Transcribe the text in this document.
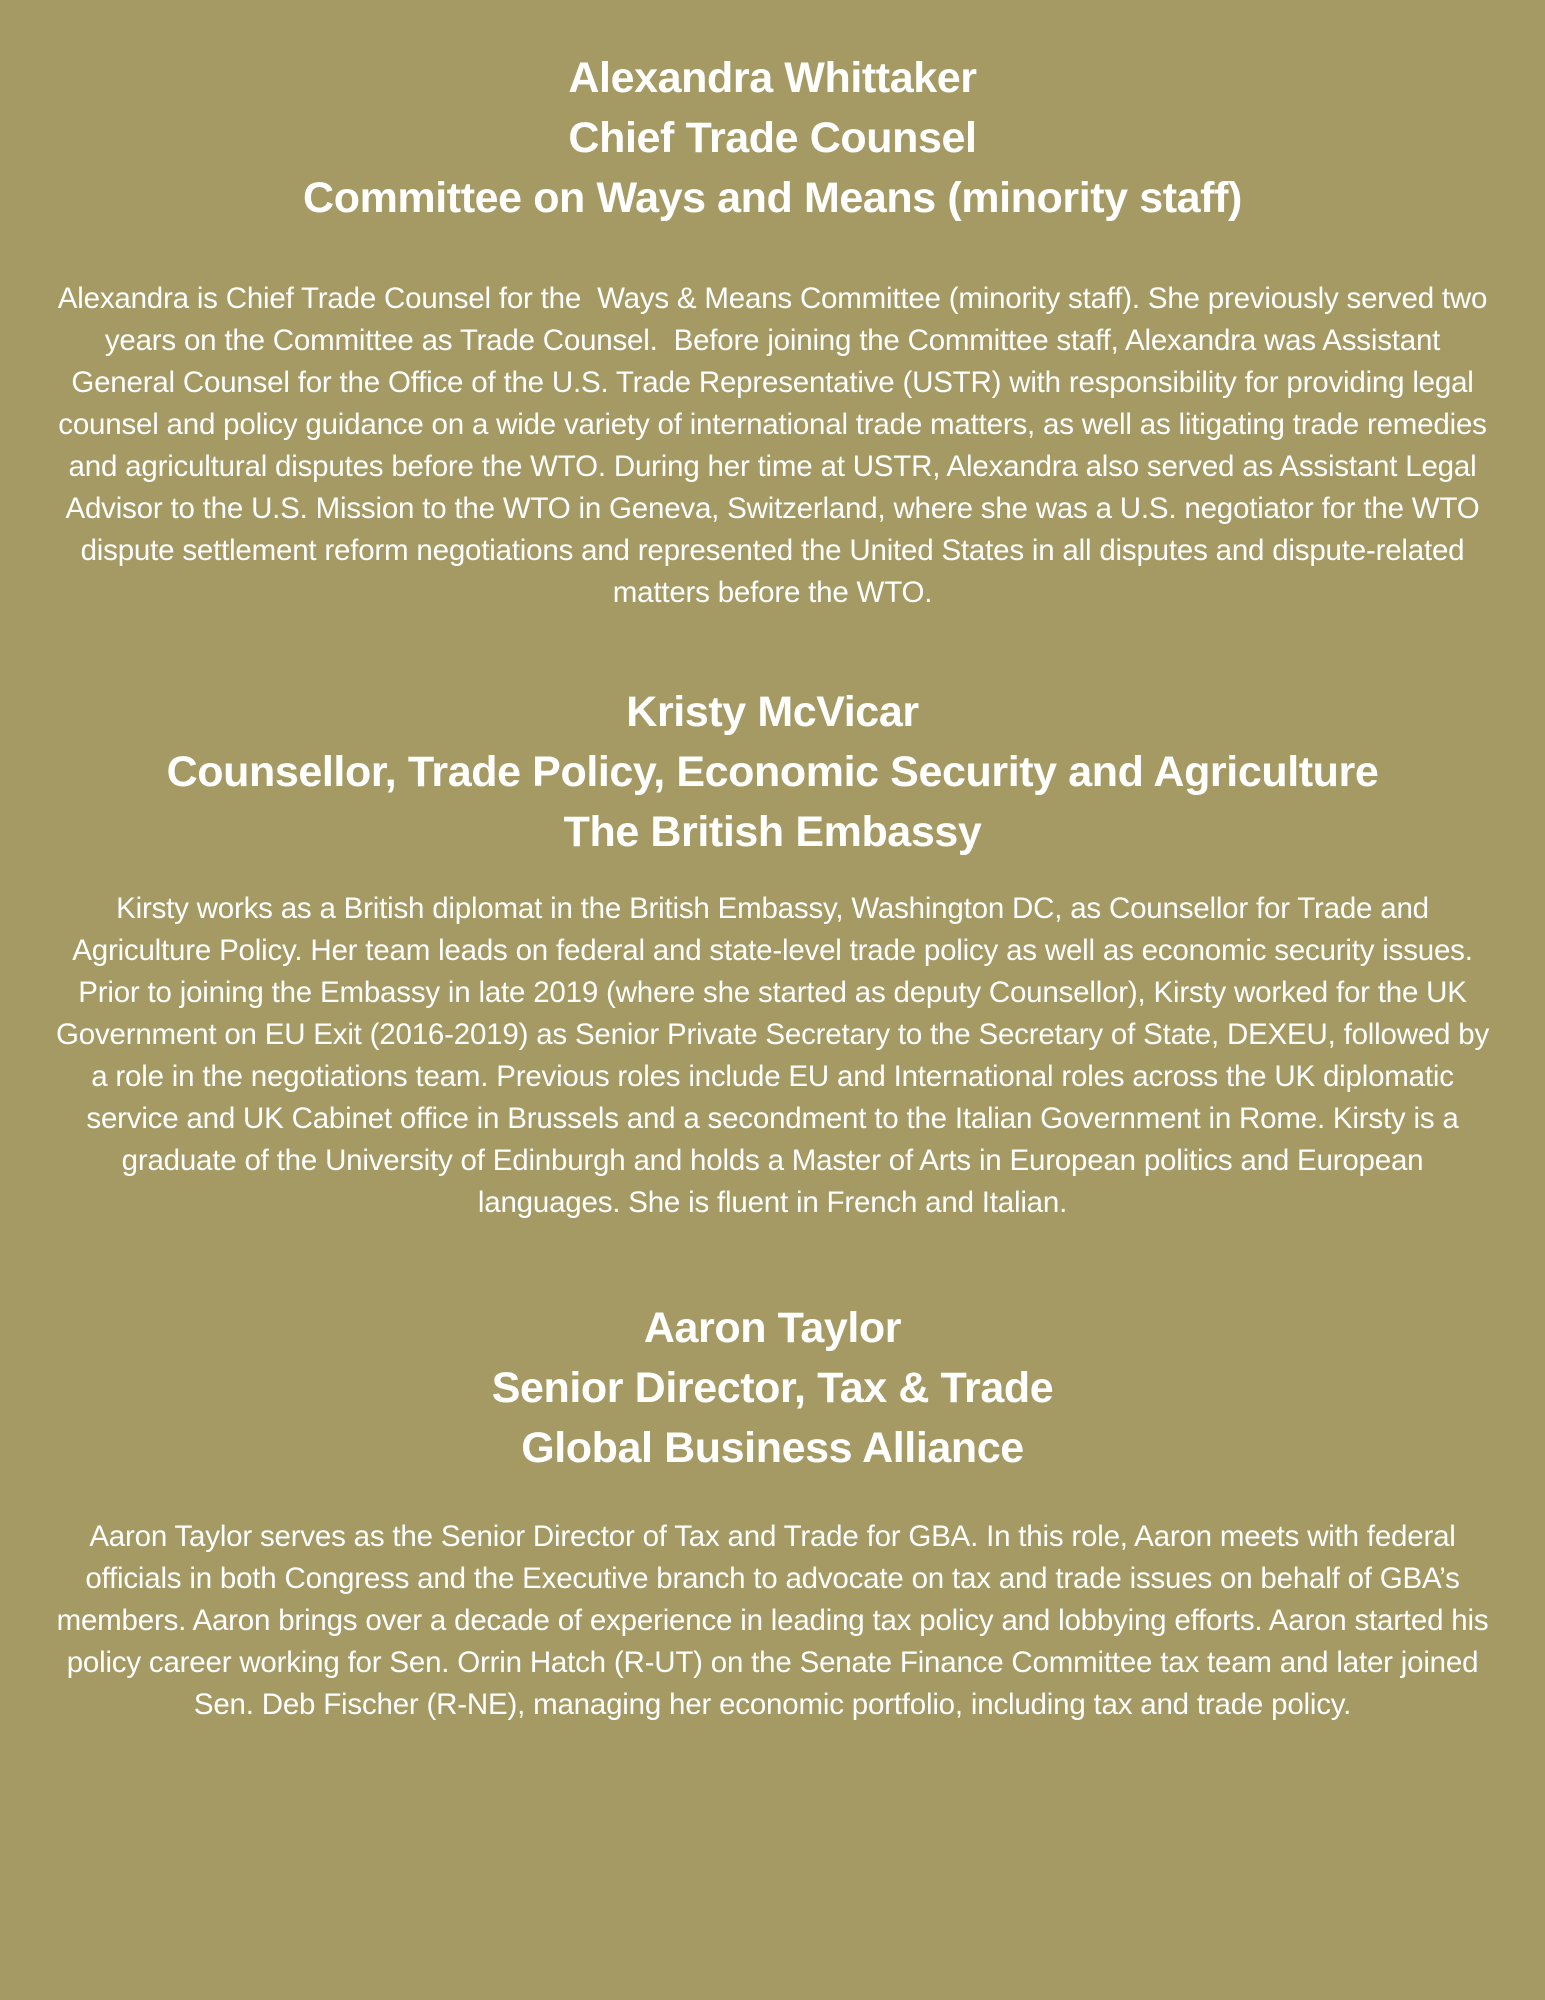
Alexandra Whittaker
Chief Trade Counsel
Committee on Ways and Means (minority staff)

Alexandra is Chief Trade Counsel for the  Ways & Means Committee (minority staff). She previously served two years on the Committee as Trade Counsel.  Before joining the Committee staff, Alexandra was Assistant General Counsel for the Office of the U.S. Trade Representative (USTR) with responsibility for providing legal counsel and policy guidance on a wide variety of international trade matters, as well as litigating trade remedies and agricultural disputes before the WTO. During her time at USTR, Alexandra also served as Assistant Legal Advisor to the U.S. Mission to the WTO in Geneva, Switzerland, where she was a U.S. negotiator for the WTO dispute settlement reform negotiations and represented the United States in all disputes and dispute-related matters before the WTO.

Kristy McVicar
Counsellor, Trade Policy, Economic Security and Agriculture
The British Embassy

Kirsty works as a British diplomat in the British Embassy, Washington DC, as Counsellor for Trade and Agriculture Policy. Her team leads on federal and state-level trade policy as well as economic security issues. Prior to joining the Embassy in late 2019 (where she started as deputy Counsellor), Kirsty worked for the UK Government on EU Exit (2016-2019) as Senior Private Secretary to the Secretary of State, DEXEU, followed by a role in the negotiations team. Previous roles include EU and International roles across the UK diplomatic service and UK Cabinet office in Brussels and a secondment to the Italian Government in Rome. Kirsty is a graduate of the University of Edinburgh and holds a Master of Arts in European politics and European languages. She is fluent in French and Italian.

Aaron Taylor
Senior Director, Tax & Trade
Global Business Alliance

Aaron Taylor serves as the Senior Director of Tax and Trade for GBA. In this role, Aaron meets with federal officials in both Congress and the Executive branch to advocate on tax and trade issues on behalf of GBA’s members. Aaron brings over a decade of experience in leading tax policy and lobbying efforts. Aaron started his policy career working for Sen. Orrin Hatch (R-UT) on the Senate Finance Committee tax team and later joined Sen. Deb Fischer (R-NE), managing her economic portfolio, including tax and trade policy.
